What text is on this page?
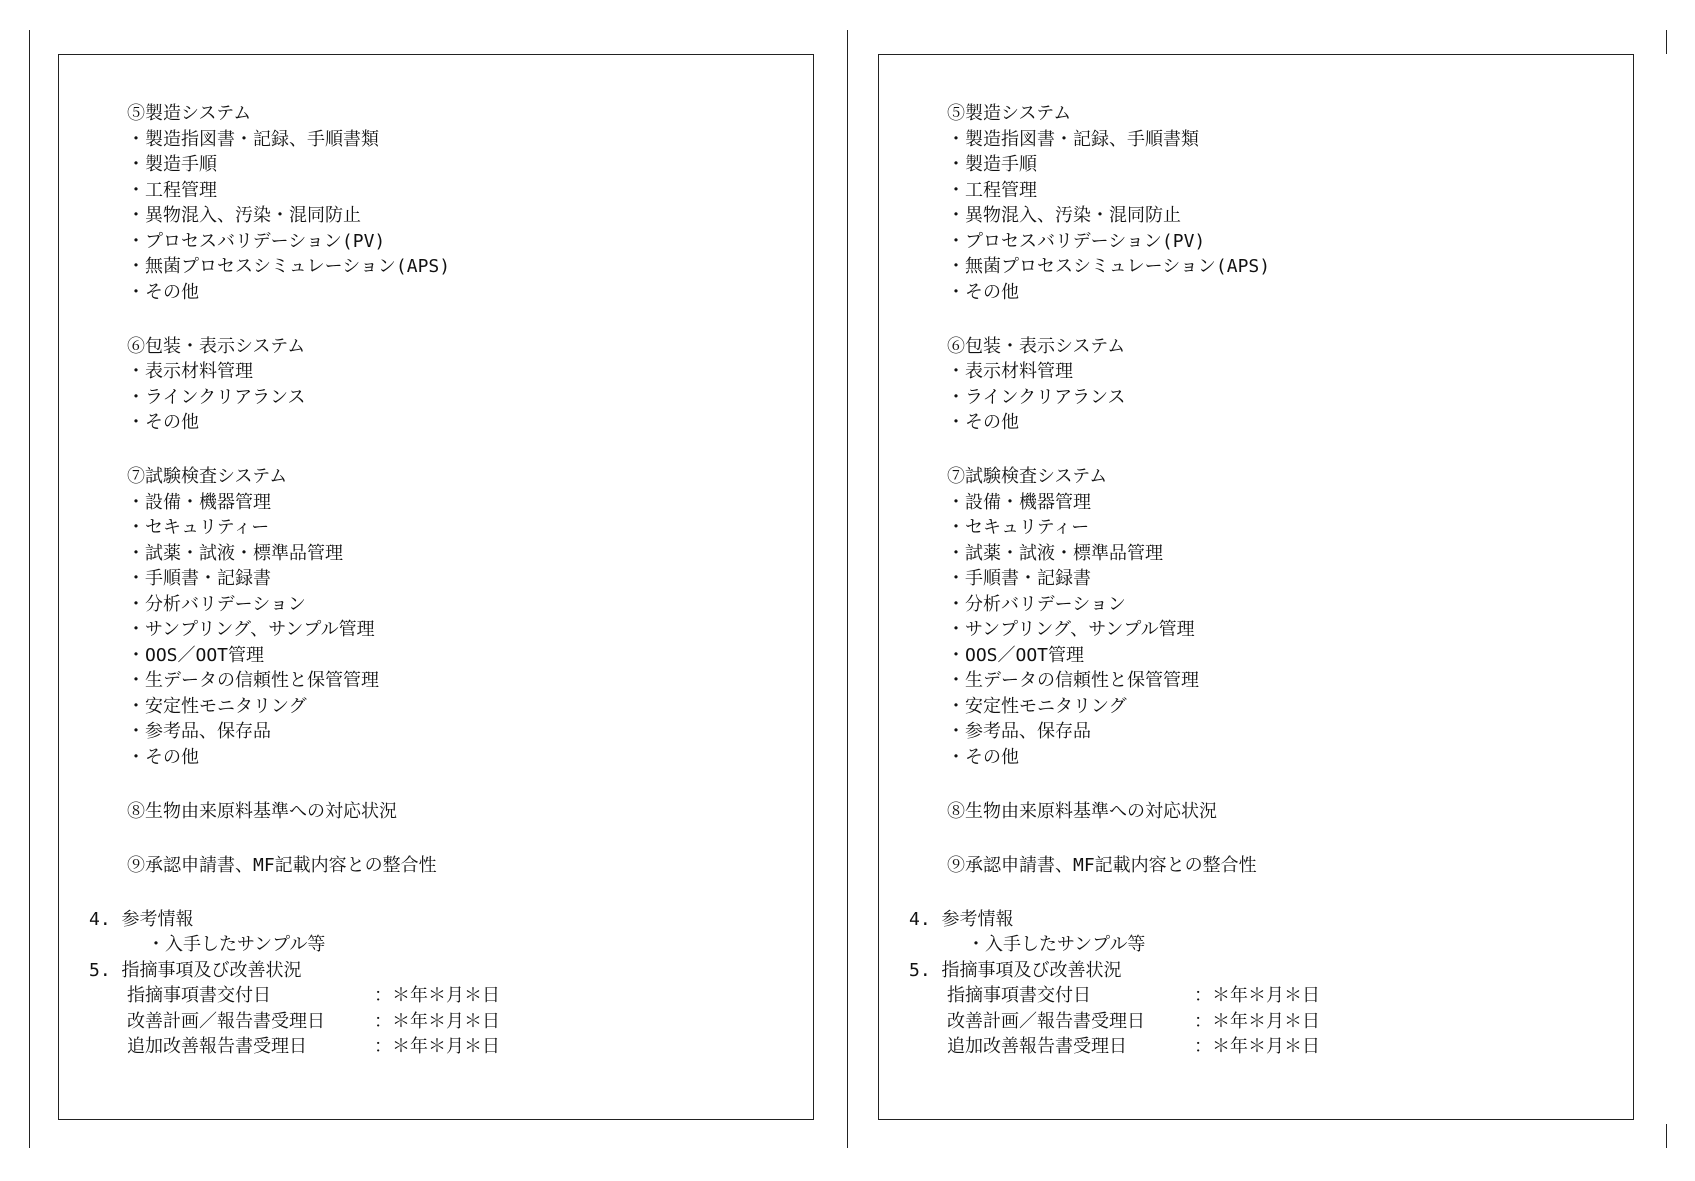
⑤製造システム
・製造指図書・記録、手順書類
・製造手順
・工程管理
・異物混入、汚染・混同防止
・プロセスバリデーション(PV)
・無菌プロセスシミュレーション(APS)
・その他
⑥包装・表示システム
・表示材料管理
・ラインクリアランス
・その他
⑦試験検査システム
・設備・機器管理
・セキュリティー
・試薬・試液・標準品管理
・手順書・記録書
・分析バリデーション
・サンプリング、サンプル管理
・OOS／OOT管理
・生データの信頼性と保管管理
・安定性モニタリング
・参考品、保存品
・その他
⑧生物由来原料基準への対応状況
⑨承認申請書、MF記載内容との整合性
4. 参考情報
・入手したサンプル等
5. 指摘事項及び改善状況
指摘事項書交付日	：＊年＊月＊日
改善計画／報告書受理日	：＊年＊月＊日
追加改善報告書受理日	：＊年＊月＊日
⑤製造システム
・製造指図書・記録、手順書類
・製造手順
・工程管理
・異物混入、汚染・混同防止
・プロセスバリデーション(PV)
・無菌プロセスシミュレーション(APS)
・その他
⑥包装・表示システム
・表示材料管理
・ラインクリアランス
・その他
⑦試験検査システム
・設備・機器管理
・セキュリティー
・試薬・試液・標準品管理
・手順書・記録書
・分析バリデーション
・サンプリング、サンプル管理
・OOS／OOT管理
・生データの信頼性と保管管理
・安定性モニタリング
・参考品、保存品
・その他
⑧生物由来原料基準への対応状況
⑨承認申請書、MF記載内容との整合性
4. 参考情報
・入手したサンプル等
5. 指摘事項及び改善状況
指摘事項書交付日	：＊年＊月＊日
改善計画／報告書受理日	：＊年＊月＊日
追加改善報告書受理日	：＊年＊月＊日
